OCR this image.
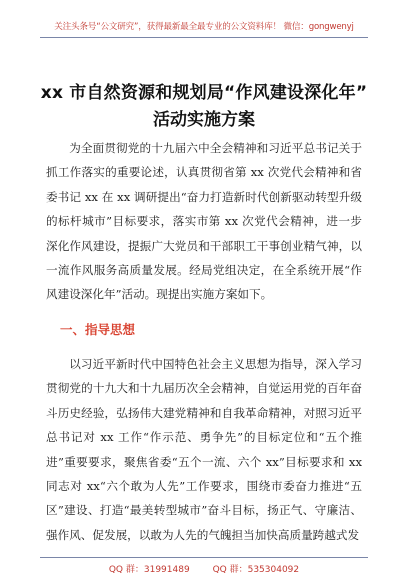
关注头条号“公文研究”，获得最新最全最专业的公文资料库！ 微信：gongwenyj
xx 市自然资源和规划局“作风建设深化年”
活动实施方案

为全面贯彻党的十九届六中全会精神和习近平总书记关于抓工作落实的重要论述，认真贯彻省第 xx 次党代会精神和省委书记 xx 在 xx 调研提出“奋力打造新时代创新驱动转型升级的标杆城市”目标要求，落实市第 xx 次党代会精神，进一步深化作风建设，提振广大党员和干部职工干事创业精气神，以一流作风服务高质量发展。经局党组决定，在全系统开展“作风建设深化年”活动。现提出实施方案如下。

一、指导思想

以习近平新时代中国特色社会主义思想为指导，深入学习贯彻党的十九大和十九届历次全会精神，自觉运用党的百年奋斗历史经验，弘扬伟大建党精神和自我革命精神，对照习近平总书记对 xx 工作“作示范、勇争先”的目标定位和“五个推进”重要要求，聚焦省委“五个一流、六个 xx”目标要求和 xx 同志对 xx“六个敢为人先”工作要求，围绕市委奋力推进“五区”建设、打造“最美转型城市”奋斗目标，扬正气、守廉洁、强作风、促发展，以敢为人先的气魄担当加快高质量跨越式发

QQ 群：31991489	QQ 群：535304092
